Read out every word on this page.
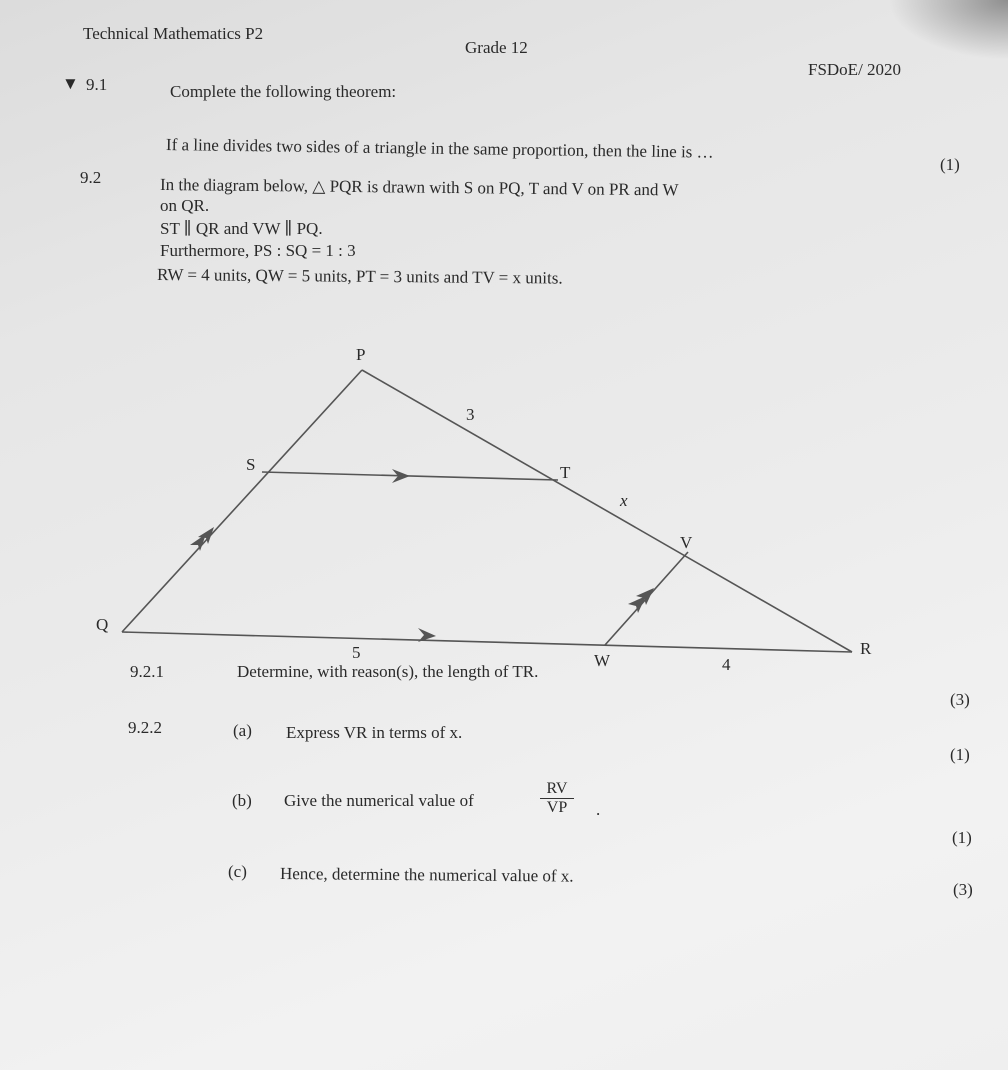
Technical Mathematics P2
Grade 12
FSDoE/ 2020
▼ 9.1	Complete the following theorem:
If a line divides two sides of a triangle in the same proportion, then the line is …
(1)
9.2	In the diagram below, △ PQR is drawn with S on PQ, T and V on PR and W
on QR.
ST ∥ QR and VW ∥ PQ.
Furthermore, PS : SQ = 1 : 3
RW = 4 units, QW = 5 units, PT = 3 units and TV = x units.
P
Q
R
S	T
V
W
3
x
5
4
9.2.1	Determine, with reason(s), the length of TR.
(3)
9.2.2	(a) Express VR in terms of x.
(1)
(b) Give the numerical value of
RV
VP .
(1)
(c) Hence, determine the numerical value of x.
(3)
